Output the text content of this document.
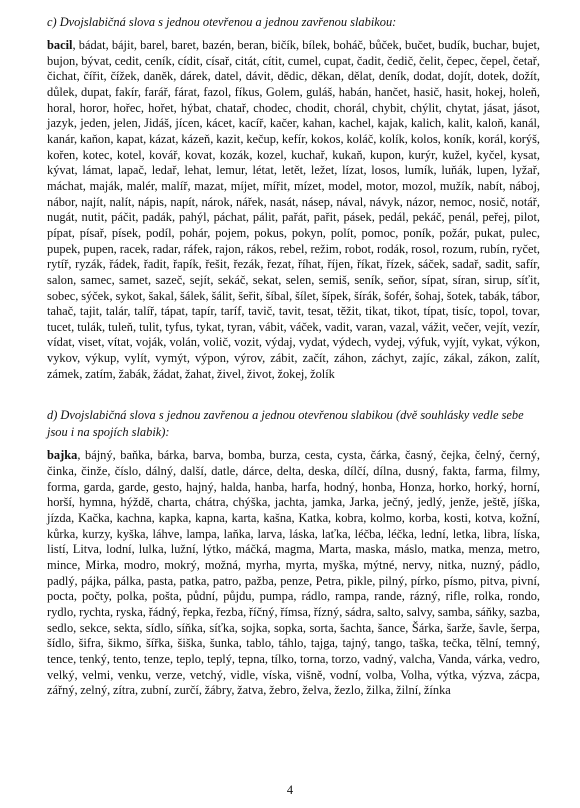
c) Dvojslabičná slova s jednou otevřenou a jednou zavřenou slabikou:

bacil, bádat, bájit, barel, baret, bazén, beran, bičík, bílek, boháč, bůček, bučet, budík, buchar, bujet, bujon, bývat, cedit, ceník, cídit, císař, citát, cítit, cumel, cupat, čadit, čedič, čelit, čepec, čepel, četař, čichat, čířit, čížek, daněk, dárek, datel, dávit, dědic, děkan, dělat, deník, dodat, dojít, dotek, dožít, důlek, dupat, fakír, farář, fárat, fazol, fíkus, Golem, guláš, habán, hančet, hasič, hasit, hokej, holeň, horal, horor, hořec, hořet, hýbat, chatař, chodec, chodit, chorál, chybit, chýlit, chytat, jásat, jásot, jazyk, jeden, jelen, Jidáš, jícen, kácet, kacíř, kačer, kahan, kachel, kajak, kalich, kalit, kaloň, kanál, kanár, kaňon, kapat, kázat, kázeň, kazit, kečup, kefír, kokos, koláč, kolík, kolos, koník, korál, korýš, kořen, kotec, kotel, kovář, kovat, kozák, kozel, kuchař, kukaň, kupon, kurýr, kužel, kyčel, kysat, kývat, lámat, lapač, ledař, lehat, lemur, létat, letět, ležet, lízat, losos, lumík, luňák, lupen, lyžař, máchat, maják, malér, malíř, mazat, míjet, mířit, mízet, model, motor, mozol, mužík, nabít, náboj, nábor, najít, nalít, nápis, napít, nárok, nářek, nasát, násep, nával, návyk, názor, nemoc, nosič, notář, nugát, nutit, páčit, padák, pahýl, páchat, pálit, pařát, pařit, pásek, pedál, pekáč, penál, peřej, pilot, pípat, písař, písek, podíl, pohár, pojem, pokus, pokyn, polít, pomoc, poník, požár, pukat, pulec, pupek, pupen, racek, radar, ráfek, rajon, rákos, rebel, režim, robot, rodák, rosol, rozum, rubín, ryčet, rytíř, ryzák, řádek, řadit, řapík, řešit, řezák, řezat, říhat, říjen, říkat, řízek, sáček, sadař, sadit, safír, salon, samec, samet, sazeč, sejít, sekáč, sekat, selen, semiš, seník, seňor, sípat, síran, sirup, síťit, sobec, sýček, sykot, šakal, šálek, šálit, šeřit, šíbal, šílet, šípek, šírák, šofér, šohaj, šotek, tabák, tábor, tahač, tajit, talár, talíř, tápat, tapír, taríf, tavič, tavit, tesat, těžit, tikat, tikot, típat, tisíc, topol, tovar, tucet, tulák, tuleň, tulit, tyfus, tykat, tyran, vábit, váček, vadit, varan, vazal, vážit, večer, vejít, vezír, vídat, viset, vítat, voják, volán, volič, vozit, výdaj, vydat, výdech, vydej, výfuk, vyjít, vykat, výkon, vykov, výkup, vylít, vymýt, výpon, výrov, zábit, začít, záhon, záchyt, zajíc, zákal, zákon, zalít, zámek, zatím, žabák, žádat, žahat, živel, život, žokej, žolík

d) Dvojslabičná slova s jednou zavřenou a jednou otevřenou slabikou (dvě souhlásky vedle sebe jsou i na spojích slabik):

bajka, bájný, baňka, bárka, barva, bomba, burza, cesta, cysta, čárka, časný, čejka, čelný, černý, činka, činže, číslo, dálný, další, datle, dárce, delta, deska, dílčí, dílna, dusný, fakta, farma, filmy, forma, garda, garde, gesto, hajný, halda, hanba, harfa, hodný, honba, Honza, horko, horký, horní, horší, hymna, hýždě, charta, chátra, chýška, jachta, jamka, Jarka, ječný, jedlý, jenže, ještě, jíška, jízda, Kačka, kachna, kapka, kapna, karta, kašna, Katka, kobra, kolmo, korba, kosti, kotva, kožní, kůrka, kurzy, kyška, láhve, lampa, laňka, larva, láska, laťka, léčba, léčka, lední, letka, libra, líska, listí, Litva, lodní, lulka, lužní, lýtko, máčká, magma, Marta, maska, máslo, matka, menza, metro, mince, Mirka, modro, mokrý, možná, myrha, myrta, myška, mýtné, nervy, nitka, nuzný, pádlo, padlý, pájka, pálka, pasta, patka, patro, pažba, penze, Petra, pikle, pilný, pírko, písmo, pitva, pivní, pocta, počty, polka, pošta, půdní, půjdu, pumpa, rádlo, rampa, rande, rázný, rifle, rolka, rondo, rydlo, rychta, ryska, řádný, řepka, řezba, říčný, římsa, řízný, sádra, salto, salvy, samba, sáňky, sazba, sedlo, sekce, sekta, sídlo, síňka, síťka, sojka, sopka, sorta, šachta, šance, Šárka, šarže, šavle, šerpa, šídlo, šifra, šikmo, šířka, šiška, šunka, tablo, táhlo, tajga, tajný, tango, taška, tečka, tělní, temný, tence, tenký, tento, tenze, teplo, teplý, tepna, tílko, torna, torzo, vadný, valcha, Vanda, várka, vedro, velký, velmi, venku, verze, vetchý, vidle, víska, višně, vodní, volba, Volha, výtka, výzva, zácpa, zářný, zelný, zítra, zubní, zurčí, žábry, žatva, žebro, želva, žezlo, žilka, žilní, žínka

4
